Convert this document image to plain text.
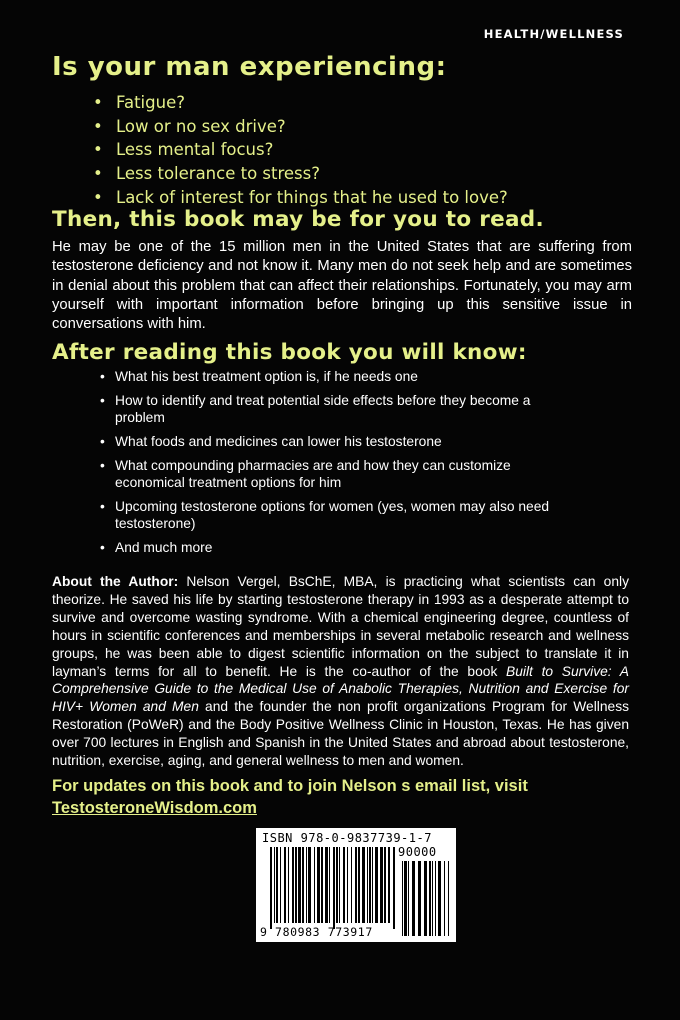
HEALTH/WELLNESS
Is your man experiencing:
• Fatigue?
• Low or no sex drive?
• Less mental focus?
• Less tolerance to stress?
• Lack of interest for things that he used to love?
Then, this book may be for you to read.

He may be one of the 15 million men in the United States that are suffering from testosterone deficiency and not know it. Many men do not seek help and are sometimes in denial about this problem that can affect their relationships. Fortunately, you may arm yourself with important information before bringing up this sensitive issue in conversations with him.

After reading this book you will know:
• What his best treatment option is, if he needs one
• How to identify and treat potential side effects before they become a problem
• What foods and medicines can lower his testosterone
• What compounding pharmacies are and how they can customize economical treatment options for him
• Upcoming testosterone options for women (yes, women may also need testosterone)
• And much more

About the Author: Nelson Vergel, BsChE, MBA, is practicing what scientists can only theorize. He saved his life by starting testosterone therapy in 1993 as a desperate attempt to survive and overcome wasting syndrome. With a chemical engineering degree, countless of hours in scientific conferences and memberships in several metabolic research and wellness groups, he was been able to digest scientific information on the subject to translate it in layman’s terms for all to benefit. He is the co-author of the book Built to Survive: A Comprehensive Guide to the Medical Use of Anabolic Therapies, Nutrition and Exercise for HIV+ Women and Men and the founder the non profit organizations Program for Wellness Restoration (PoWeR) and the Body Positive Wellness Clinic in Houston, Texas. He has given over 700 lectures in English and Spanish in the United States and abroad about testosterone, nutrition, exercise, aging, and general wellness to men and women.

For updates on this book and to join Nelson s email list, visit
TestosteroneWisdom.com

ISBN 978-0-9837739-1-7
90000
9 780983 773917
